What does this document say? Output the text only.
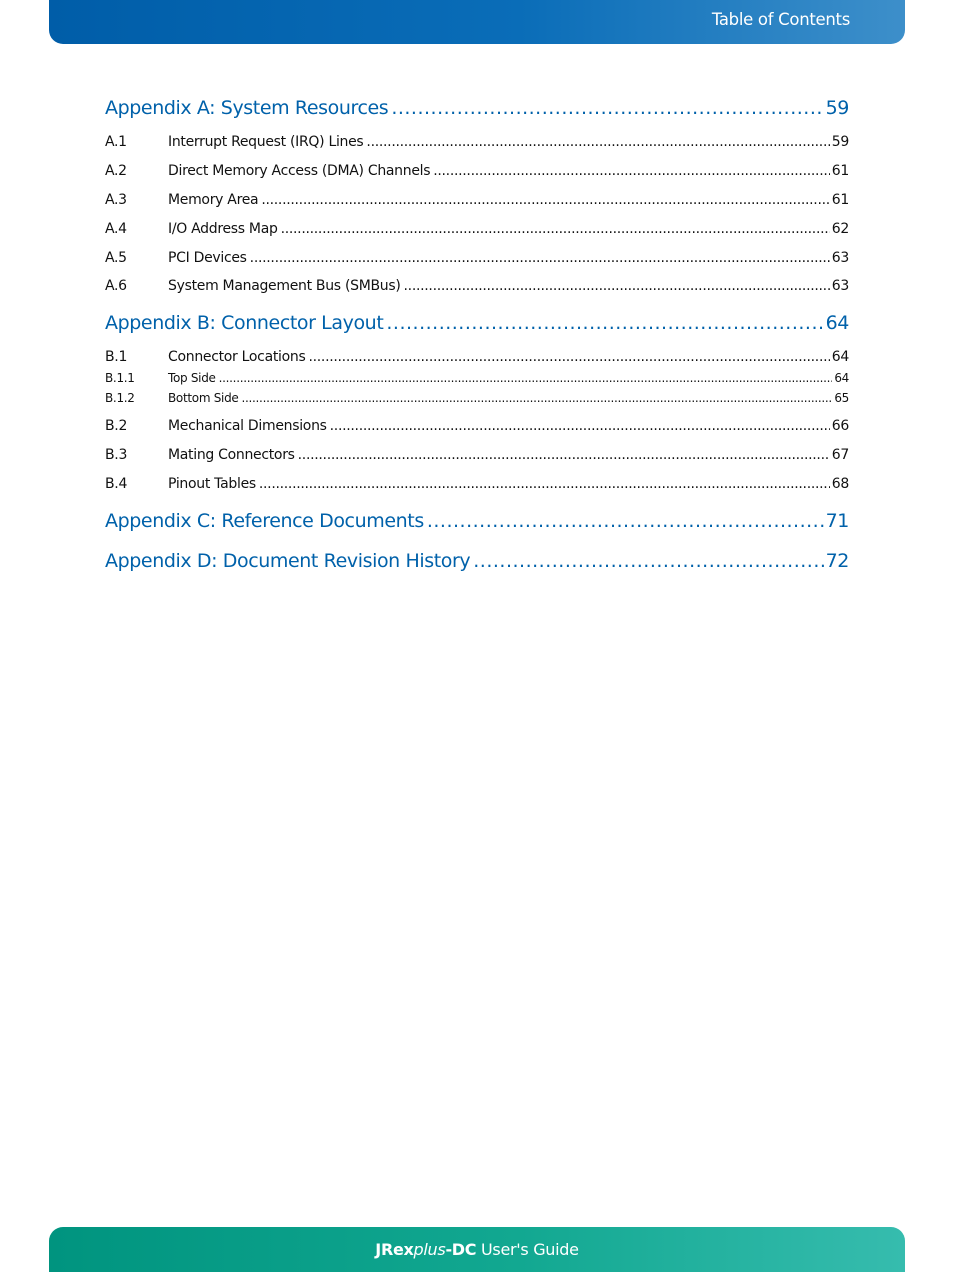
Table of Contents
Appendix A: System Resources .....	59
A.1	Interrupt Request (IRQ) Lines .....	59
A.2	Direct Memory Access (DMA) Channels .....	61
A.3	Memory Area .....	61
A.4	I/O Address Map .....	62
A.5	PCI Devices .....	63
A.6	System Management Bus (SMBus) .....	63
Appendix B: Connector Layout .....	64
B.1	Connector Locations .....	64
B.1.1	Top Side .....	64
B.1.2	Bottom Side .....	65
B.2	Mechanical Dimensions .....	66
B.3	Mating Connectors .....	67
B.4	Pinout Tables .....	68
Appendix C: Reference Documents .....	71
Appendix D: Document Revision History .....	72
JRexplus-DC User's Guide
